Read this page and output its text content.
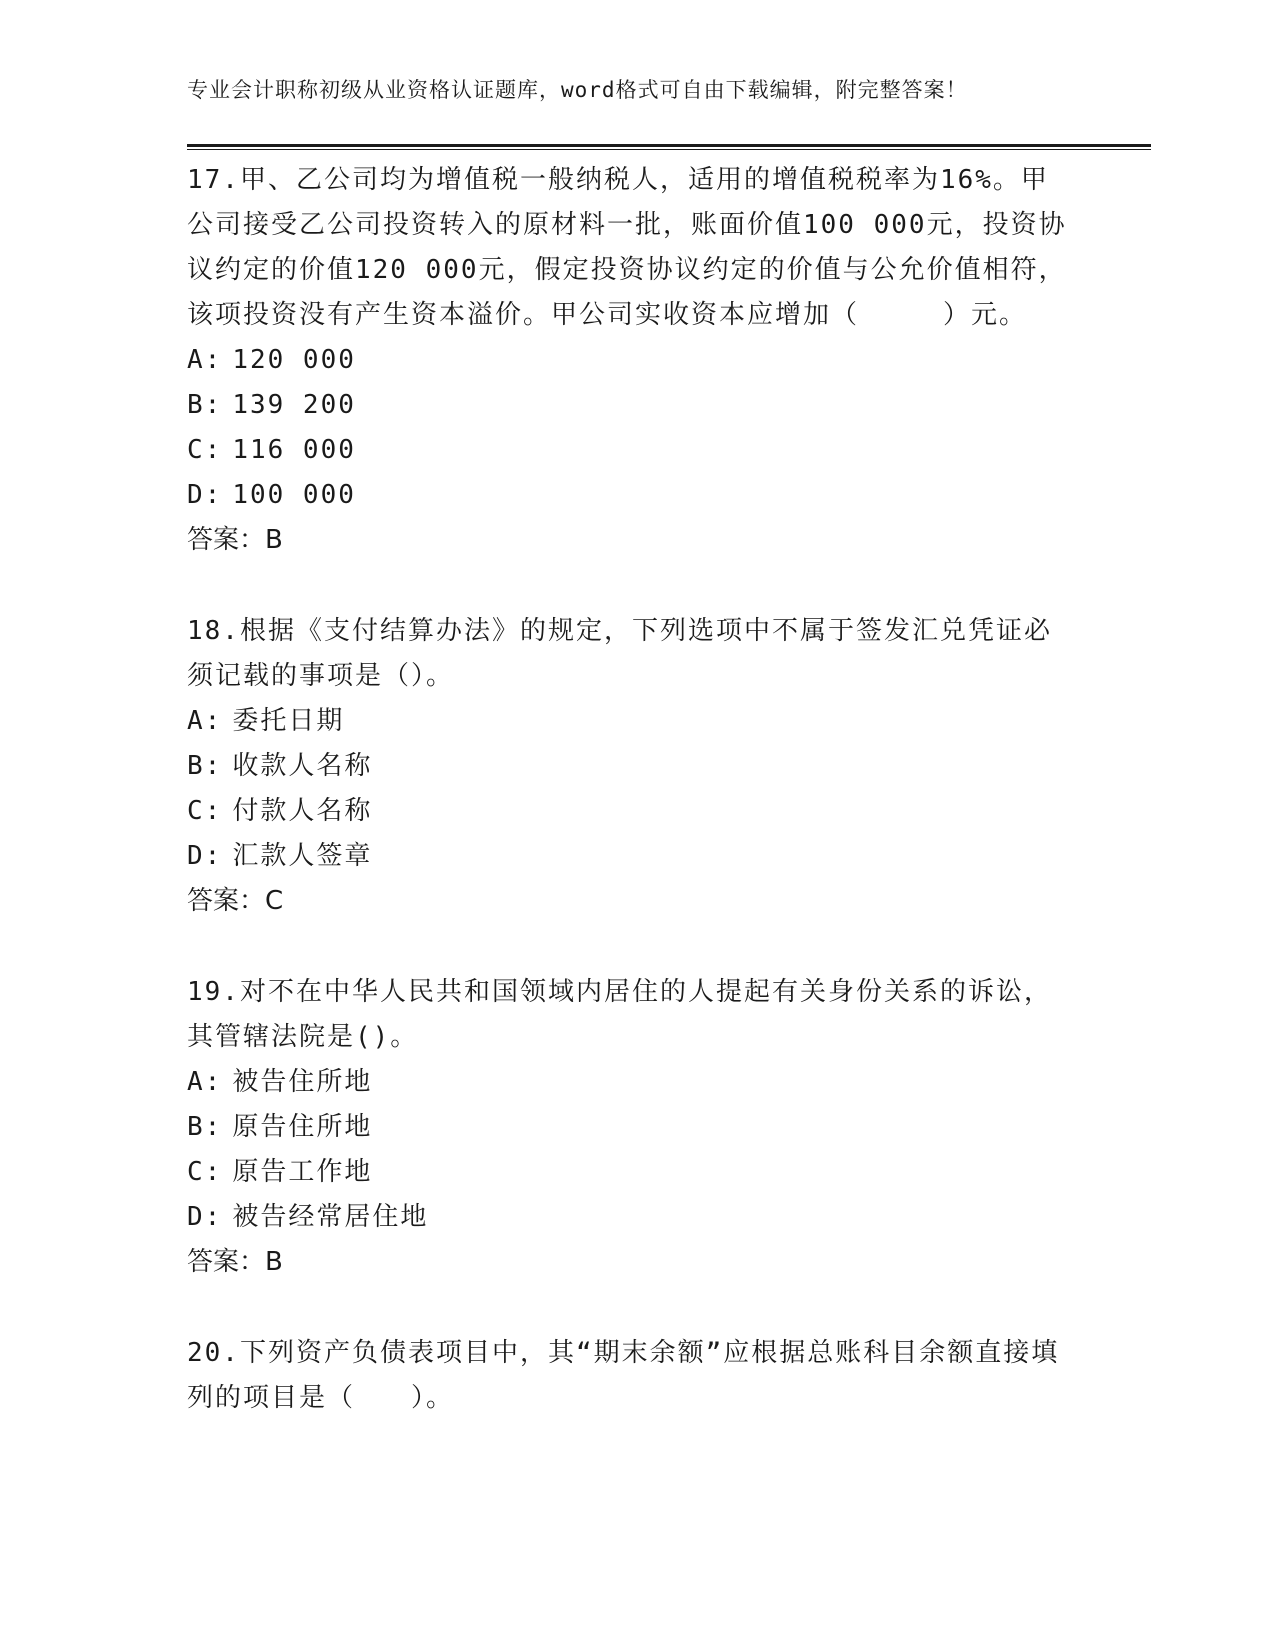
专业会计职称初级从业资格认证题库，word格式可自由下载编辑，附完整答案！

17.甲、乙公司均为增值税一般纳税人，适用的增值税税率为16%。甲公司接受乙公司投资转入的原材料一批，账面价值100 000元，投资协议约定的价值120 000元，假定投资协议约定的价值与公允价值相符，该项投资没有产生资本溢价。甲公司实收资本应增加（　　　）元。

A: 120 000

B: 139 200

C: 116 000

D: 100 000

答案：B

18.根据《支付结算办法》的规定，下列选项中不属于签发汇兑凭证必须记载的事项是（）。

A: 委托日期

B: 收款人名称

C: 付款人名称

D: 汇款人签章

答案：C

19.对不在中华人民共和国领域内居住的人提起有关身份关系的诉讼，其管辖法院是()。

A: 被告住所地

B: 原告住所地

C: 原告工作地

D: 被告经常居住地

答案：B

20.下列资产负债表项目中，其“期末余额”应根据总账科目余额直接填列的项目是（　　）。
